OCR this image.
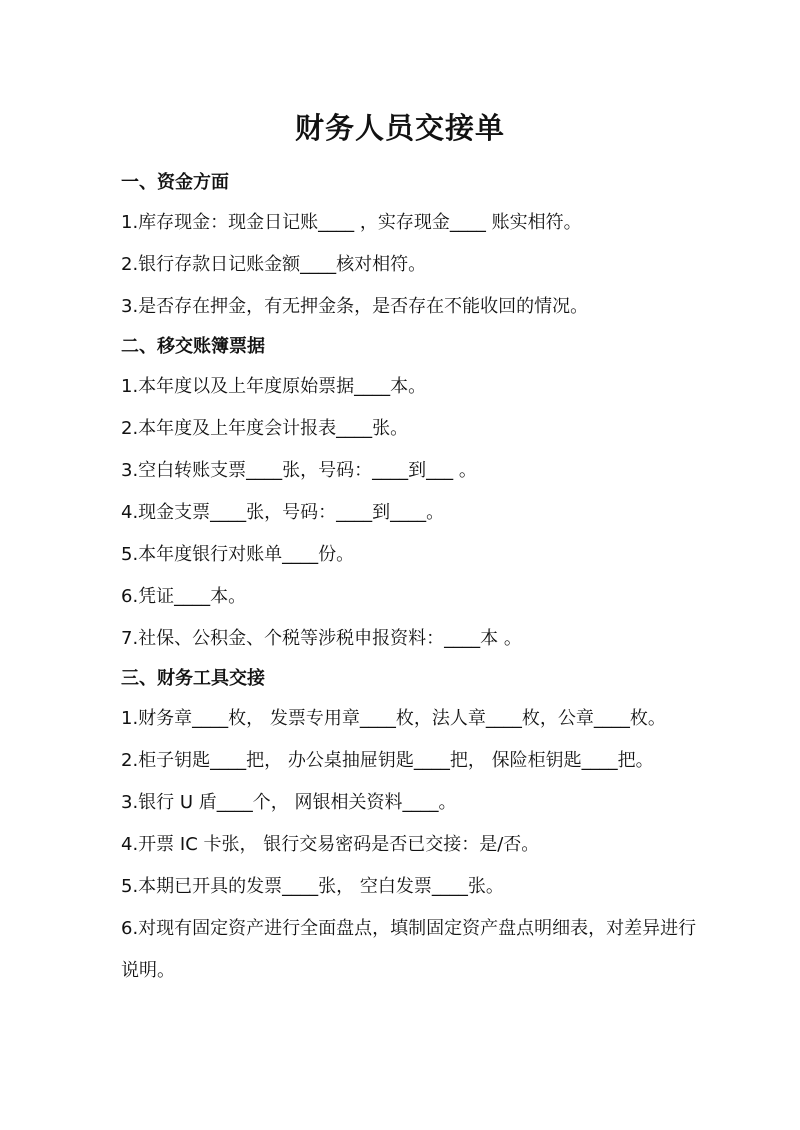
财务人员交接单

一、资金方面

1.库存现金：现金日记账____ ，实存现金____ 账实相符。

2.银行存款日记账金额____核对相符。

3.是否存在押金，有无押金条，是否存在不能收回的情况。

二、移交账簿票据

1.本年度以及上年度原始票据____本。

2.本年度及上年度会计报表____张。

3.空白转账支票____张，号码：____到___ 。

4.现金支票____张，号码：____到____。

5.本年度银行对账单____份。

6.凭证____本。

7.社保、公积金、个税等涉税申报资料：____本 。

三、财务工具交接

1.财务章____枚， 发票专用章____枚，法人章____枚，公章____枚。

2.柜子钥匙____把， 办公桌抽屉钥匙____把， 保险柜钥匙____把。

3.银行 U 盾____个， 网银相关资料____。

4.开票 IC 卡张， 银行交易密码是否已交接：是/否。

5.本期已开具的发票____张， 空白发票____张。

6.对现有固定资产进行全面盘点，填制固定资产盘点明细表，对差异进行说明。
